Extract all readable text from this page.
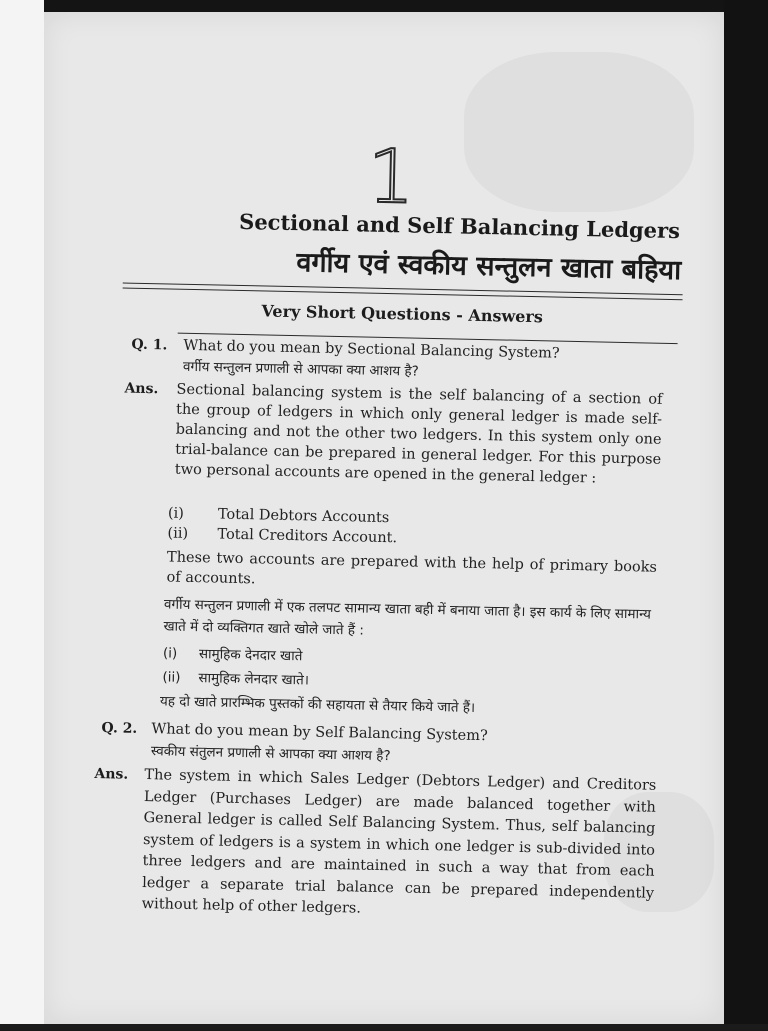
1
Sectional and Self Balancing Ledgers
वर्गीय एवं स्वकीय सन्तुलन खाता बहिया
Very Short Questions - Answers
Q. 1. What do you mean by Sectional Balancing System?
वर्गीय सन्तुलन प्रणाली से आपका क्या आशय है?
Ans. Sectional balancing system is the self balancing of a section of the group of ledgers in which only general ledger is made self-balancing and not the other two ledgers. In this system only one trial-balance can be prepared in general ledger. For this purpose two personal accounts are opened in the general ledger :
(i) Total Debtors Accounts
(ii) Total Creditors Account.
These two accounts are prepared with the help of primary books of accounts.
वर्गीय सन्तुलन प्रणाली में एक तलपट सामान्य खाता बही में बनाया जाता है। इस कार्य के लिए सामान्य खाते में दो व्यक्तिगत खाते खोले जाते हैं :
(i) सामुहिक देनदार खाते
(ii) सामुहिक लेनदार खाते।
यह दो खाते प्रारम्भिक पुस्तकों की सहायता से तैयार किये जाते हैं।
Q. 2. What do you mean by Self Balancing System?
स्वकीय संतुलन प्रणाली से आपका क्या आशय है?
Ans. The system in which Sales Ledger (Debtors Ledger) and Creditors Ledger (Purchases Ledger) are made balanced together with General ledger is called Self Balancing System. Thus, self balancing system of ledgers is a system in which one ledger is sub-divided into three ledgers and are maintained in such a way that from each ledger a separate trial balance can be prepared independently without help of other ledgers.
